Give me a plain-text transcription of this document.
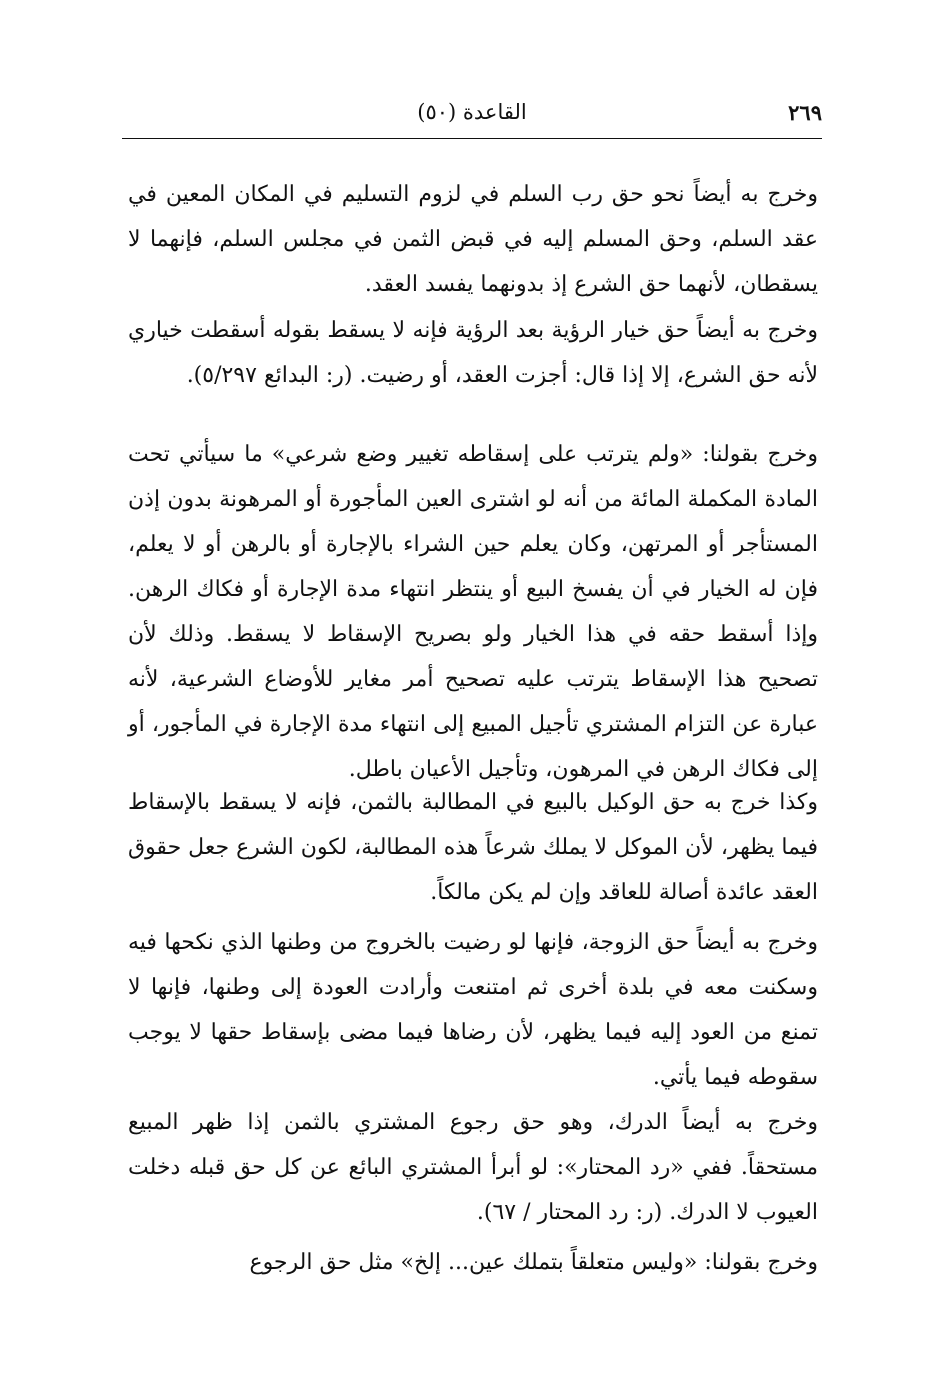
القاعدة (٥٠)	٢٦٩

وخرج به أيضاً نحو حق رب السلم في لزوم التسليم في المكان المعين في عقد السلم، وحق المسلم إليه في قبض الثمن في مجلس السلم، فإنهما لا يسقطان، لأنهما حق الشرع إذ بدونهما يفسد العقد.

وخرج به أيضاً حق خيار الرؤية بعد الرؤية فإنه لا يسقط بقوله أسقطت خياري لأنه حق الشرع، إلا إذا قال: أجزت العقد، أو رضيت. (ر: البدائع ٥/٢٩٧).

وخرج بقولنا: «ولم يترتب على إسقاطه تغيير وضع شرعي» ما سيأتي تحت المادة المكملة المائة من أنه لو اشترى العين المأجورة أو المرهونة بدون إذن المستأجر أو المرتهن، وكان يعلم حين الشراء بالإجارة أو بالرهن أو لا يعلم، فإن له الخيار في أن يفسخ البيع أو ينتظر انتهاء مدة الإجارة أو فكاك الرهن. وإذا أسقط حقه في هذا الخيار ولو بصريح الإسقاط لا يسقط. وذلك لأن تصحيح هذا الإسقاط يترتب عليه تصحيح أمر مغاير للأوضاع الشرعية، لأنه عبارة عن التزام المشتري تأجيل المبيع إلى انتهاء مدة الإجارة في المأجور، أو إلى فكاك الرهن في المرهون، وتأجيل الأعيان باطل.

وكذا خرج به حق الوكيل بالبيع في المطالبة بالثمن، فإنه لا يسقط بالإسقاط فيما يظهر، لأن الموكل لا يملك شرعاً هذه المطالبة، لكون الشرع جعل حقوق العقد عائدة أصالة للعاقد وإن لم يكن مالكاً.

وخرج به أيضاً حق الزوجة، فإنها لو رضيت بالخروج من وطنها الذي نكحها فيه وسكنت معه في بلدة أخرى ثم امتنعت وأرادت العودة إلى وطنها، فإنها لا تمنع من العود إليه فيما يظهر، لأن رضاها فيما مضى بإسقاط حقها لا يوجب سقوطه فيما يأتي.

وخرج به أيضاً الدرك، وهو حق رجوع المشتري بالثمن إذا ظهر المبيع مستحقاً. ففي «رد المحتار»: لو أبرأ المشتري البائع عن كل حق قبله دخلت العيوب لا الدرك. (ر: رد المحتار / ٦٧).

وخرج بقولنا: «وليس متعلقاً بتملك عين... إلخ» مثل حق الرجوع
